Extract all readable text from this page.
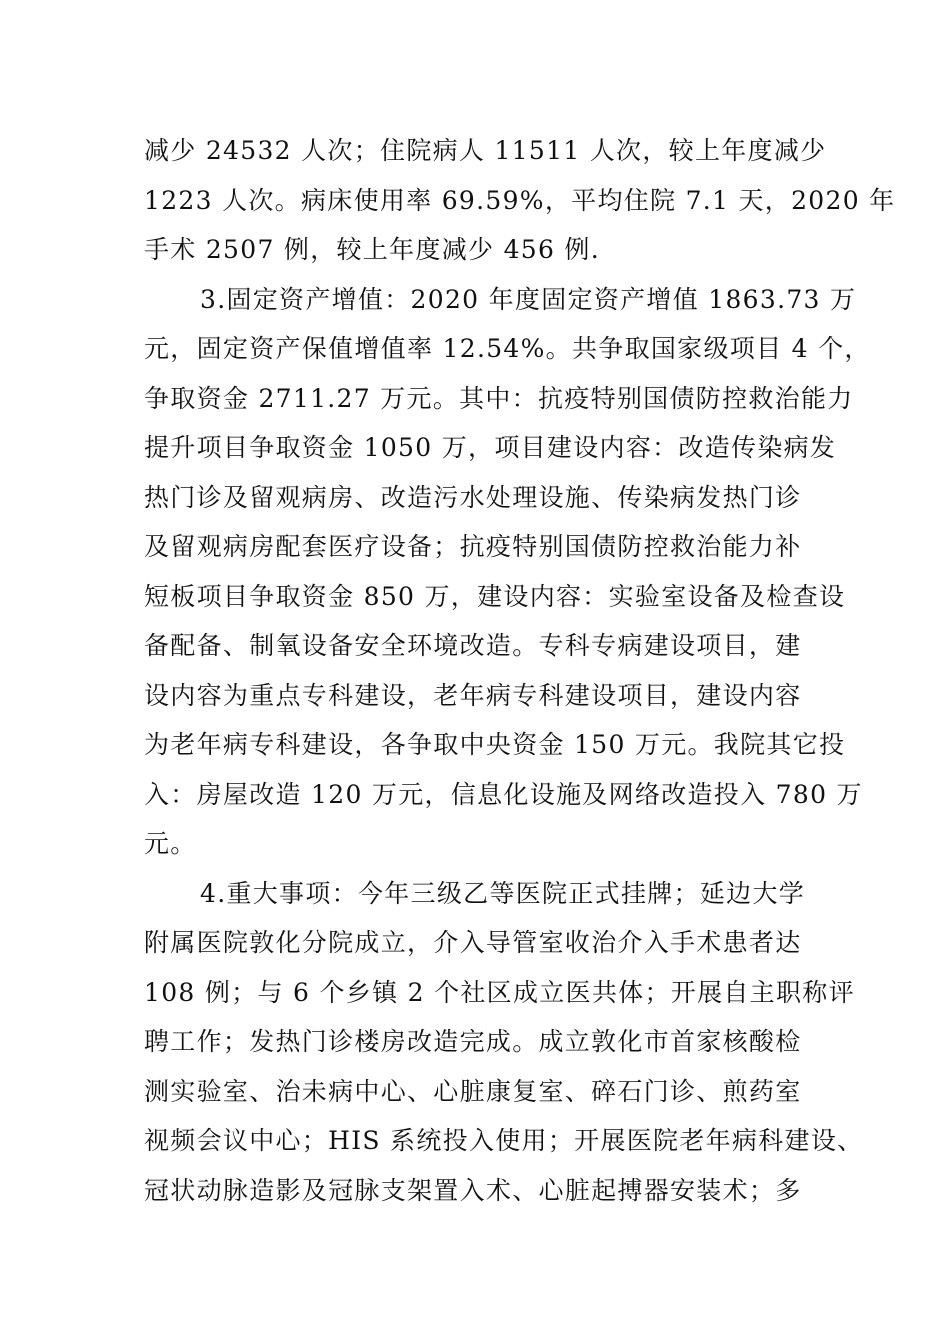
减少 24532 人次；住院病人 11511 人次，较上年度减少
1223 人次。病床使用率 69.59%，平均住院 7.1 天，2020 年
手术 2507 例，较上年度减少 456 例.
3.固定资产增值：2020 年度固定资产增值 1863.73 万
元，固定资产保值增值率 12.54%。共争取国家级项目 4 个，
争取资金 2711.27 万元。其中：抗疫特别国债防控救治能力
提升项目争取资金 1050 万，项目建设内容：改造传染病发
热门诊及留观病房、改造污水处理设施、传染病发热门诊
及留观病房配套医疗设备；抗疫特别国债防控救治能力补
短板项目争取资金 850 万，建设内容：实验室设备及检查设
备配备、制氧设备安全环境改造。专科专病建设项目，建
设内容为重点专科建设，老年病专科建设项目，建设内容
为老年病专科建设，各争取中央资金 150 万元。我院其它投
入：房屋改造 120 万元，信息化设施及网络改造投入 780 万
元。
4.重大事项：今年三级乙等医院正式挂牌；延边大学
附属医院敦化分院成立，介入导管室收治介入手术患者达
108 例；与 6 个乡镇 2 个社区成立医共体；开展自主职称评
聘工作；发热门诊楼房改造完成。成立敦化市首家核酸检
测实验室、治未病中心、心脏康复室、碎石门诊、煎药室
视频会议中心；HIS 系统投入使用；开展医院老年病科建设、
冠状动脉造影及冠脉支架置入术、心脏起搏器安装术；多
